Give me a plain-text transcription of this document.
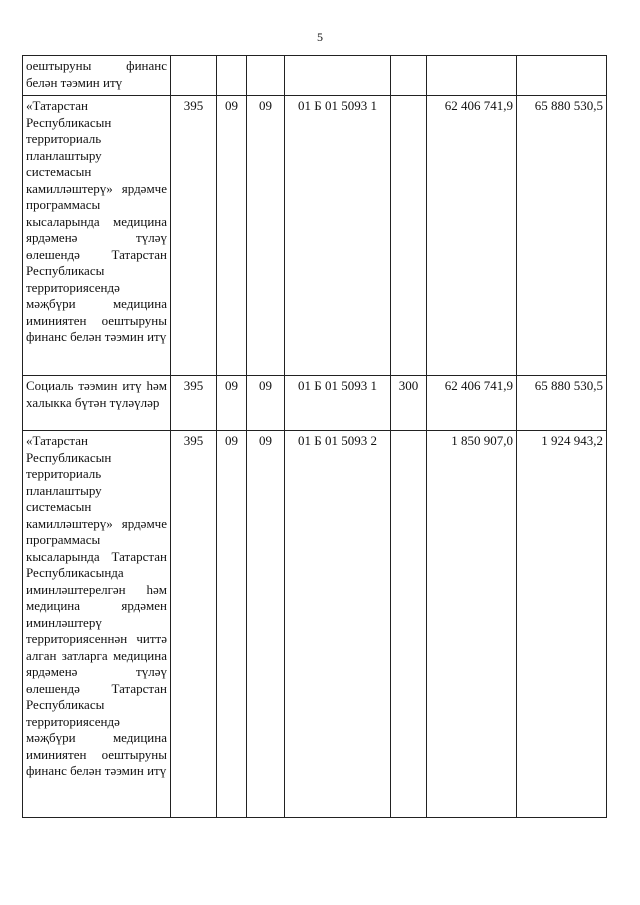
5
оештыруны финанс белән тәэмин итү							
«Татарстан Республикасын территориаль планлаштыру системасын камилләштерү» ярдәмче программасы кысаларында медицина ярдәменә түләү өлешендә Татарстан Республикасы территориясендә мәҗбүри медицина иминиятен оештыруны финанс белән тәэмин итү	395	09	09	01 Б 01 5093 1		62 406 741,9	65 880 530,5
Социаль тәэмин итү һәм халыкка бүтән түләүләр	395	09	09	01 Б 01 5093 1	300	62 406 741,9	65 880 530,5
«Татарстан Республикасын территориаль планлаштыру системасын камилләштерү» ярдәмче программасы кысаларында Татарстан Республикасында иминләштерелгән һәм медицина ярдәмен иминләштерү территориясеннән читтә алган затларга медицина ярдәменә түләү өлешендә Татарстан Республикасы территориясендә мәҗбүри медицина иминиятен оештыруны финанс белән тәэмин итү	395	09	09	01 Б 01 5093 2		1 850 907,0	1 924 943,2
